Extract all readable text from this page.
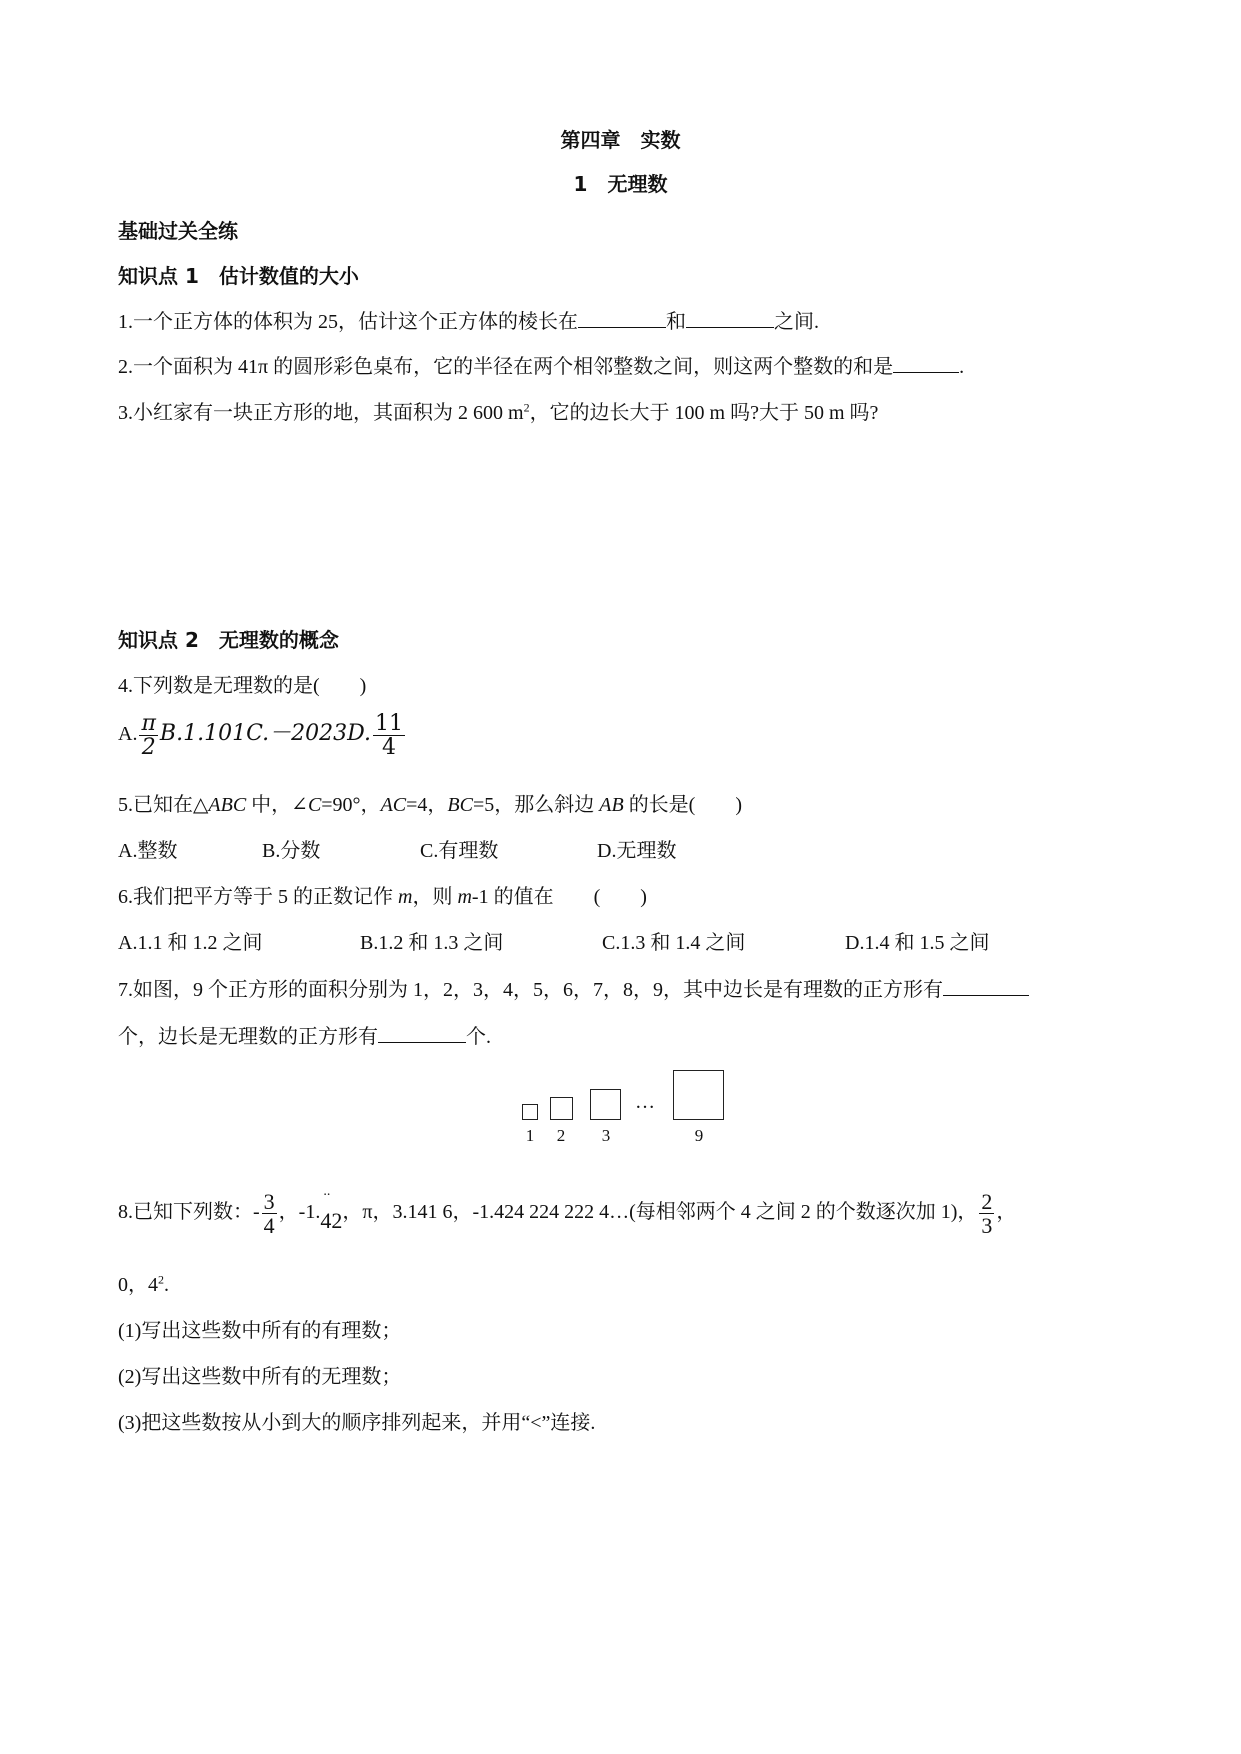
第四章　实数
1　无理数
基础过关全练
知识点 1　估计数值的大小
1.一个正方体的体积为 25，估计这个正方体的棱长在	和	之间.
2.一个面积为 41π 的圆形彩色桌布，它的半径在两个相邻整数之间，则这两个整数的和是	.
3.小红家有一块正方形的地，其面积为 2 600 $m^2$，它的边长大于 100 m 吗?大于 50 m 吗?
知识点 2　无理数的概念
4.下列数是无理数的是(　　)
A. $\frac{\pi}{2} B.1.101C.-2023D$. $\frac{11}{4}$
5.已知在△ABC 中，∠C=90°，AC=4，BC=5，那么斜边 AB 的长是(　　)
A.整数	B.分数	C.有理数	D.无理数
6.我们把平方等于 5 的正数记作 m，则 m-1 的值在　　(　　)
A.1.1 和 1.2 之间	B.1.2 和 1.3 之间	C.1.3 和 1.4 之间	D.1.4 和 1.5 之间
7.如图，9 个正方形的面积分别为 1，2，3，4，5，6，7，8，9，其中边长是有理数的正方形有
个，边长是无理数的正方形有	个.
…
1	2	3	9
8.已知下列数：- $\frac{3}{4}$ ，-1.
..
42，π，3.141 6，-1.424 224 222 4…(每相邻两个 4 之间 2 的个数逐次加 1)， $\frac{2}{3}$ ，
0，$4^2$.
(1)写出这些数中所有的有理数；
(2)写出这些数中所有的无理数；
(3)把这些数按从小到大的顺序排列起来，并用“<”连接.
